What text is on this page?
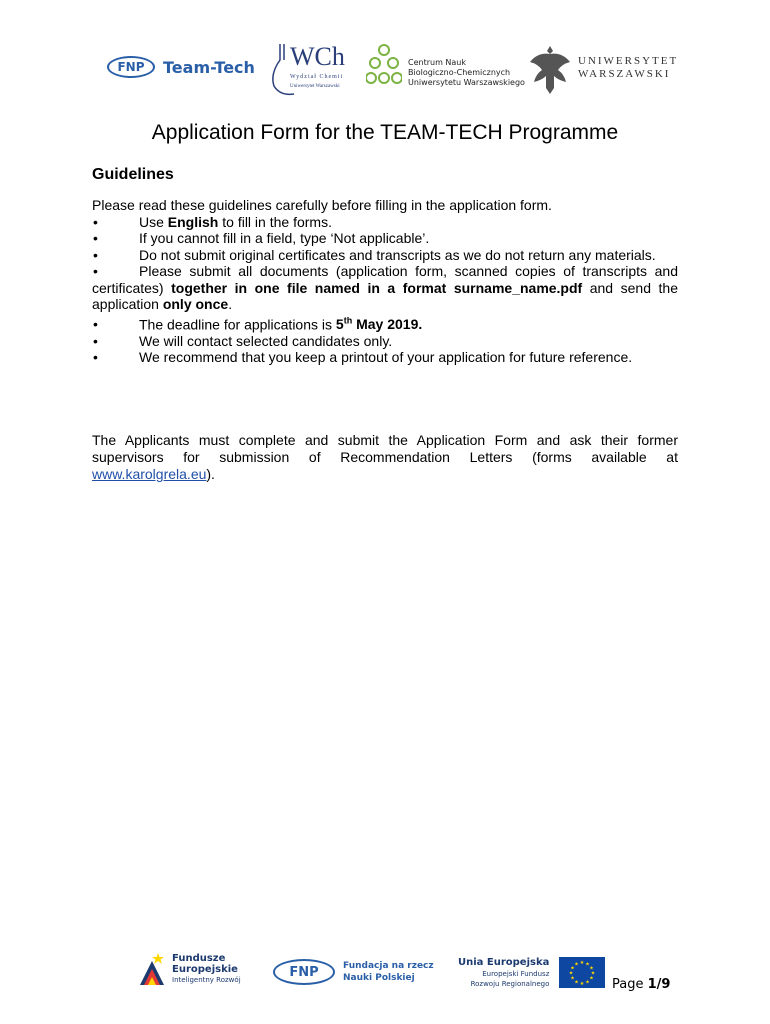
FNP Team-Tech WCh
Wydział Chemii
Uniwersytet Warszawski
Centrum Nauk
Biologiczno-Chemicznych
Uniwersytetu Warszawskiego
UNIWERSYTET
WARSZAWSKI
Application Form for the TEAM-TECH Programme
Guidelines

Please read these guidelines carefully before filling in the application form.

•	Use English to fill in the forms.
•	If you cannot fill in a field, type ‘Not applicable’.
•	Do not submit original certificates and transcripts as we do not return any materials.
•	Please submit all documents (application form, scanned copies of transcripts and certificates) together in one file named in a format surname_name.pdf and send the application only once.
•	The deadline for applications is 5th May 2019.
•	We will contact selected candidates only.
•	We recommend that you keep a printout of your application for future reference.

The Applicants must complete and submit the Application Form and ask their former supervisors for submission of Recommendation Letters (forms available at www.karolgrela.eu).

Fundusze
Europejskie
Inteligentny Rozwój	FNP	Fundacja na rzecz
Nauki Polskiej
Unia Europejska
Europejski Fundusz
Rozwoju Regionalnego
★ ★
★
★
★
★
★
★
★
★
★
★
Page 1/9
